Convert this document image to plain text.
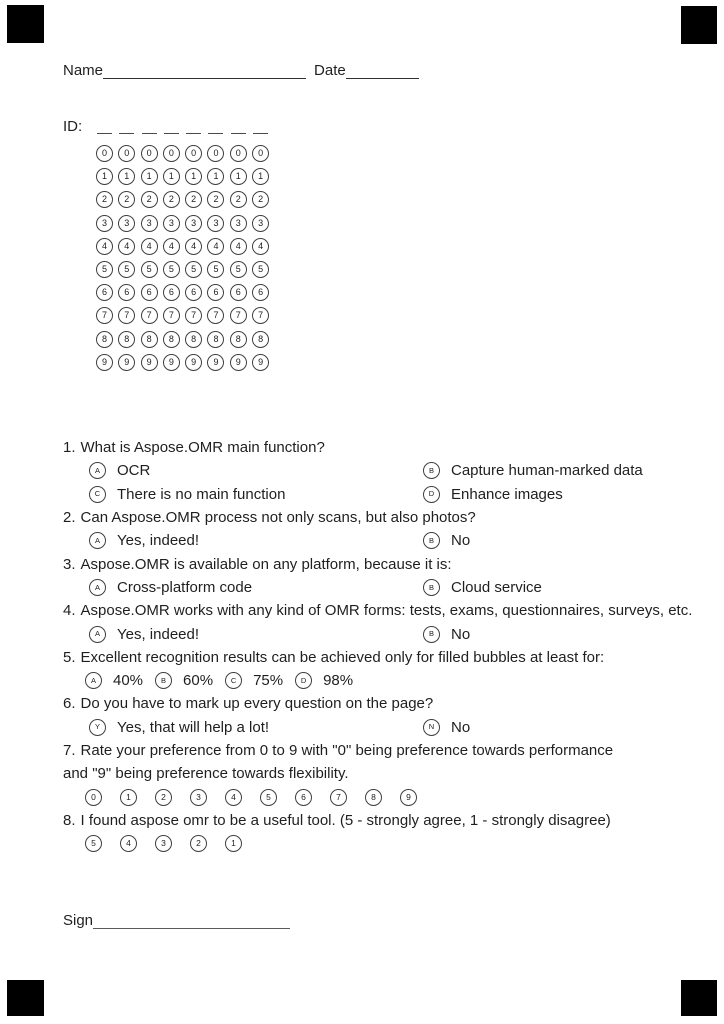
Name	Date
ID:
0	0	0	0	0	0	0	0
1	1	1	1	1	1	1	1
2	2	2	2	2	2	2	2
3	3	3	3	3	3	3	3
4	4	4	4	4	4	4	4
5	5	5	5	5	5	5	5
6	6	6	6	6	6	6	6
7	7	7	7	7	7	7	7
8	8	8	8	8	8	8	8
9	9	9	9	9	9	9	9
1. What is Aspose.OMR main function?
A	OCR	B	Capture human-marked data
C	There is no main function	D	Enhance images
2. Can Aspose.OMR process not only scans, but also photos?
A	Yes, indeed!	B	No
3. Aspose.OMR is available on any platform, because it is:
A	Cross-platform code	B	Cloud service
4. Aspose.OMR works with any kind of OMR forms: tests, exams, questionnaires, surveys, etc.
A	Yes, indeed!	B	No
5. Excellent recognition results can be achieved only for filled bubbles at least for:
A	40%	B	60%	C	75%	D	98%
6. Do you have to mark up every question on the page?
Y	Yes, that will help a lot!	N	No
7. Rate your preference from 0 to 9 with "0" being preference towards performance
and "9" being preference towards flexibility.
0	1	2	3	4	5	6	7	8	9
8. I found aspose omr to be a useful tool. (5 - strongly agree, 1 - strongly disagree)
5	4	3	2	1
Sign
